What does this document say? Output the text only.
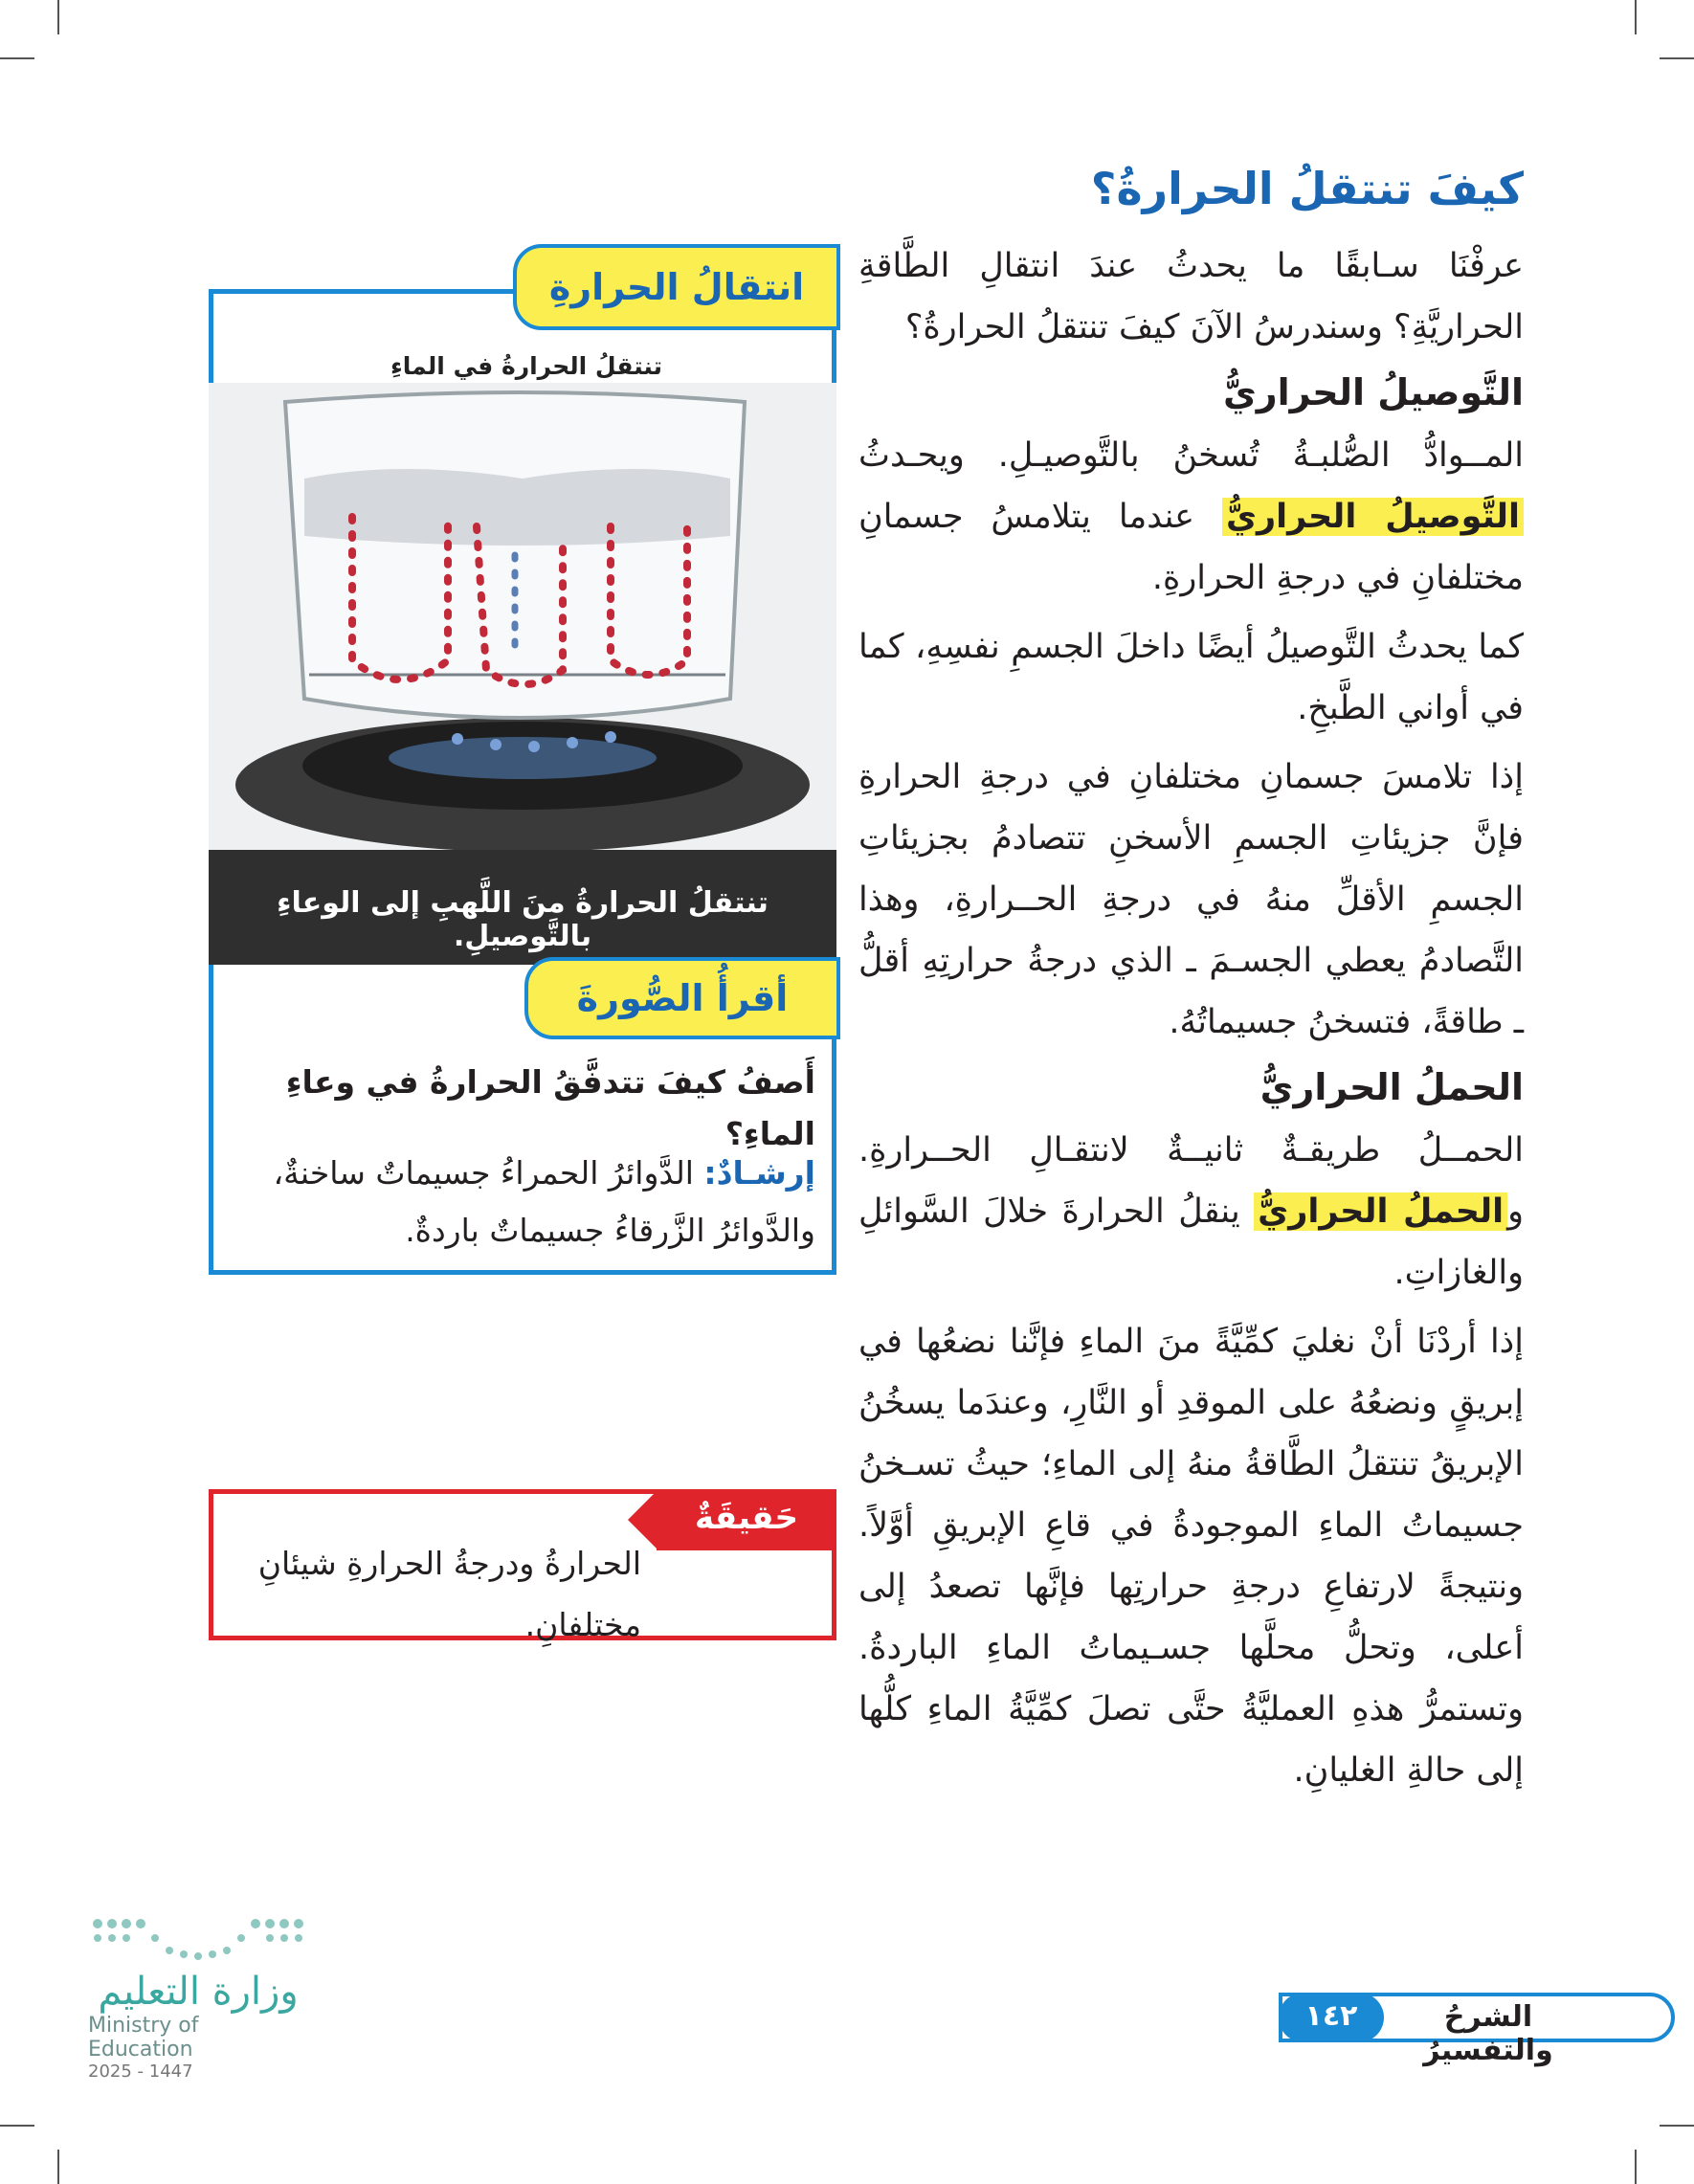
كيفَ تنتقلُ الحرارةُ؟

عرفْنَا سـابقًا ما يحدثُ عندَ انتقالِ الطَّاقةِ الحراريَّةِ؟ وسندرسُ الآنَ كيفَ تنتقلُ الحرارةُ؟

التَّوصيلُ الحراريُّ

المــوادُّ الصُّلبـةُ تُسخنُ بالتَّوصيـلِ. ويحـدثُ التَّوصيلُ الحراريُّ عندما يتلامسُ جسمانِ مختلفانِ في درجةِ الحرارةِ.

كما يحدثُ التَّوصيلُ أيضًا داخلَ الجسمِ نفسِهِ، كما في أواني الطَّبخِ.

إذا تلامسَ جسمانِ مختلفانِ في درجةِ الحرارةِ فإنَّ جزيئاتِ الجسمِ الأسخنِ تتصادمُ بجزيئاتِ الجسمِ الأقلِّ منهُ في درجةِ الحــرارةِ، وهذا التَّصادمُ يعطي الجسـمَ ـ الذي درجةُ حرارتِهِ أقلُّ ـ طاقةً، فتسخنُ جسيماتُهُ.

الحملُ الحراريُّ

الحمــلُ طريقـةٌ ثانيــةٌ لانتقـالِ الحــرارةِ. والحملُ الحراريُّ ينقلُ الحرارةَ خلالَ السَّوائلِ والغازاتِ.

إذا أردْنَا أنْ نغليَ كمِّيَّةً منَ الماءِ فإنَّنا نضعُها في إبريقٍ ونضعُهُ على الموقدِ أو النَّارِ، وعندَما يسخُنُ الإبريقُ تنتقلُ الطَّاقةُ منهُ إلى الماءِ؛ حيثُ تسـخنُ جسيماتُ الماءِ الموجودةُ في قاعِ الإبريقِ أوَّلاً. ونتيجةً لارتفاعِ درجةِ حرارتِها فإنَّها تصعدُ إلى أعلى، وتحلُّ محلَّها جسـيماتُ الماءِ الباردةُ. وتستمرُّ هذهِ العمليَّةُ حتَّى تصلَ كمِّيَّةُ الماءِ كلُّها إلى حالةِ الغليانِ.

انتقالُ الحرارةِ
تنتقلُ الحرارةُ في الماءِ
تنتقلُ الحرارةُ منَ اللَّهبِ إلى الوعاءِ بالتَّوصيلِ.
أقرأُ الصُّورةَ
أَصفُ كيفَ تتدفَّقُ الحرارةُ في وعاءِ الماءِ؟
إرشـادٌ: الدَّوائرُ الحمراءُ جسيماتٌ ساخنةٌ، والدَّوائرُ الزَّرقاءُ جسيماتٌ باردةٌ.
حَقيقَةٌ
الحرارةُ ودرجةُ الحرارةِ شيئانِ مختلفانِ.
الشرحُ والتفسيرُ
١٤٢
وزارة التعليم
Ministry of Education
2025 - 1447
